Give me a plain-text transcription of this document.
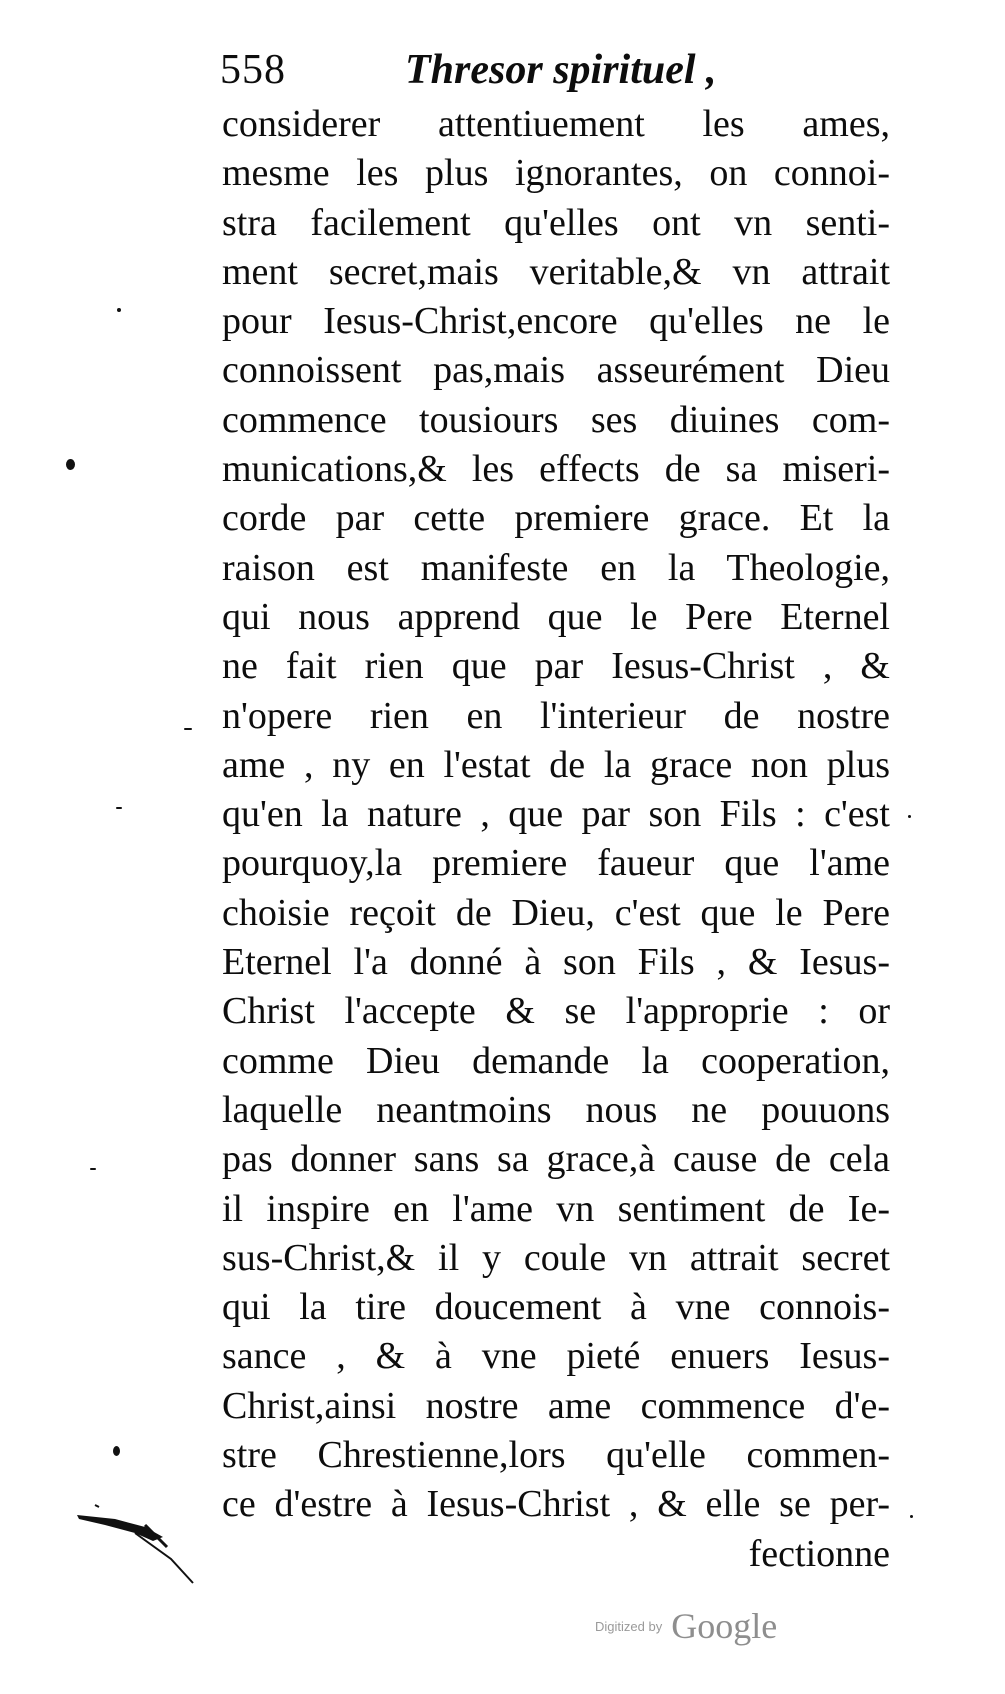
558	Thresor spirituel ,
considerer attentiuement les ames,
mesme les plus ignorantes, on connoi-
stra facilement qu'elles ont vn senti-
ment secret,mais veritable,& vn attrait
pour Iesus-Christ,encore qu'elles ne le
connoissent pas,mais asseurément Dieu
commence tousiours ses diuines com-
munications,& les effects de sa miseri-
corde par cette premiere grace. Et la
raison est manifeste en la Theologie,
qui nous apprend que le Pere Eternel
ne fait rien que par Iesus-Christ , &
n'opere rien en l'interieur de nostre
ame , ny en l'estat de la grace non plus
qu'en la nature , que par son Fils : c'est
pourquoy,la premiere faueur que l'ame
choisie reçoit de Dieu, c'est que le Pere
Eternel l'a donné à son Fils , & Iesus-
Christ l'accepte & se l'approprie : or
comme Dieu demande la cooperation,
laquelle neantmoins nous ne pouuons
pas donner sans sa grace,à cause de cela
il inspire en l'ame vn sentiment de Ie-
sus-Christ,& il y coule vn attrait secret
qui la tire doucement à vne connois-
sance , & à vne pieté enuers Iesus-
Christ,ainsi nostre ame commence d'e-
stre Chrestienne,lors qu'elle commen-
ce d'estre à Iesus-Christ , & elle se per-
fectionne
Digitized by Google
